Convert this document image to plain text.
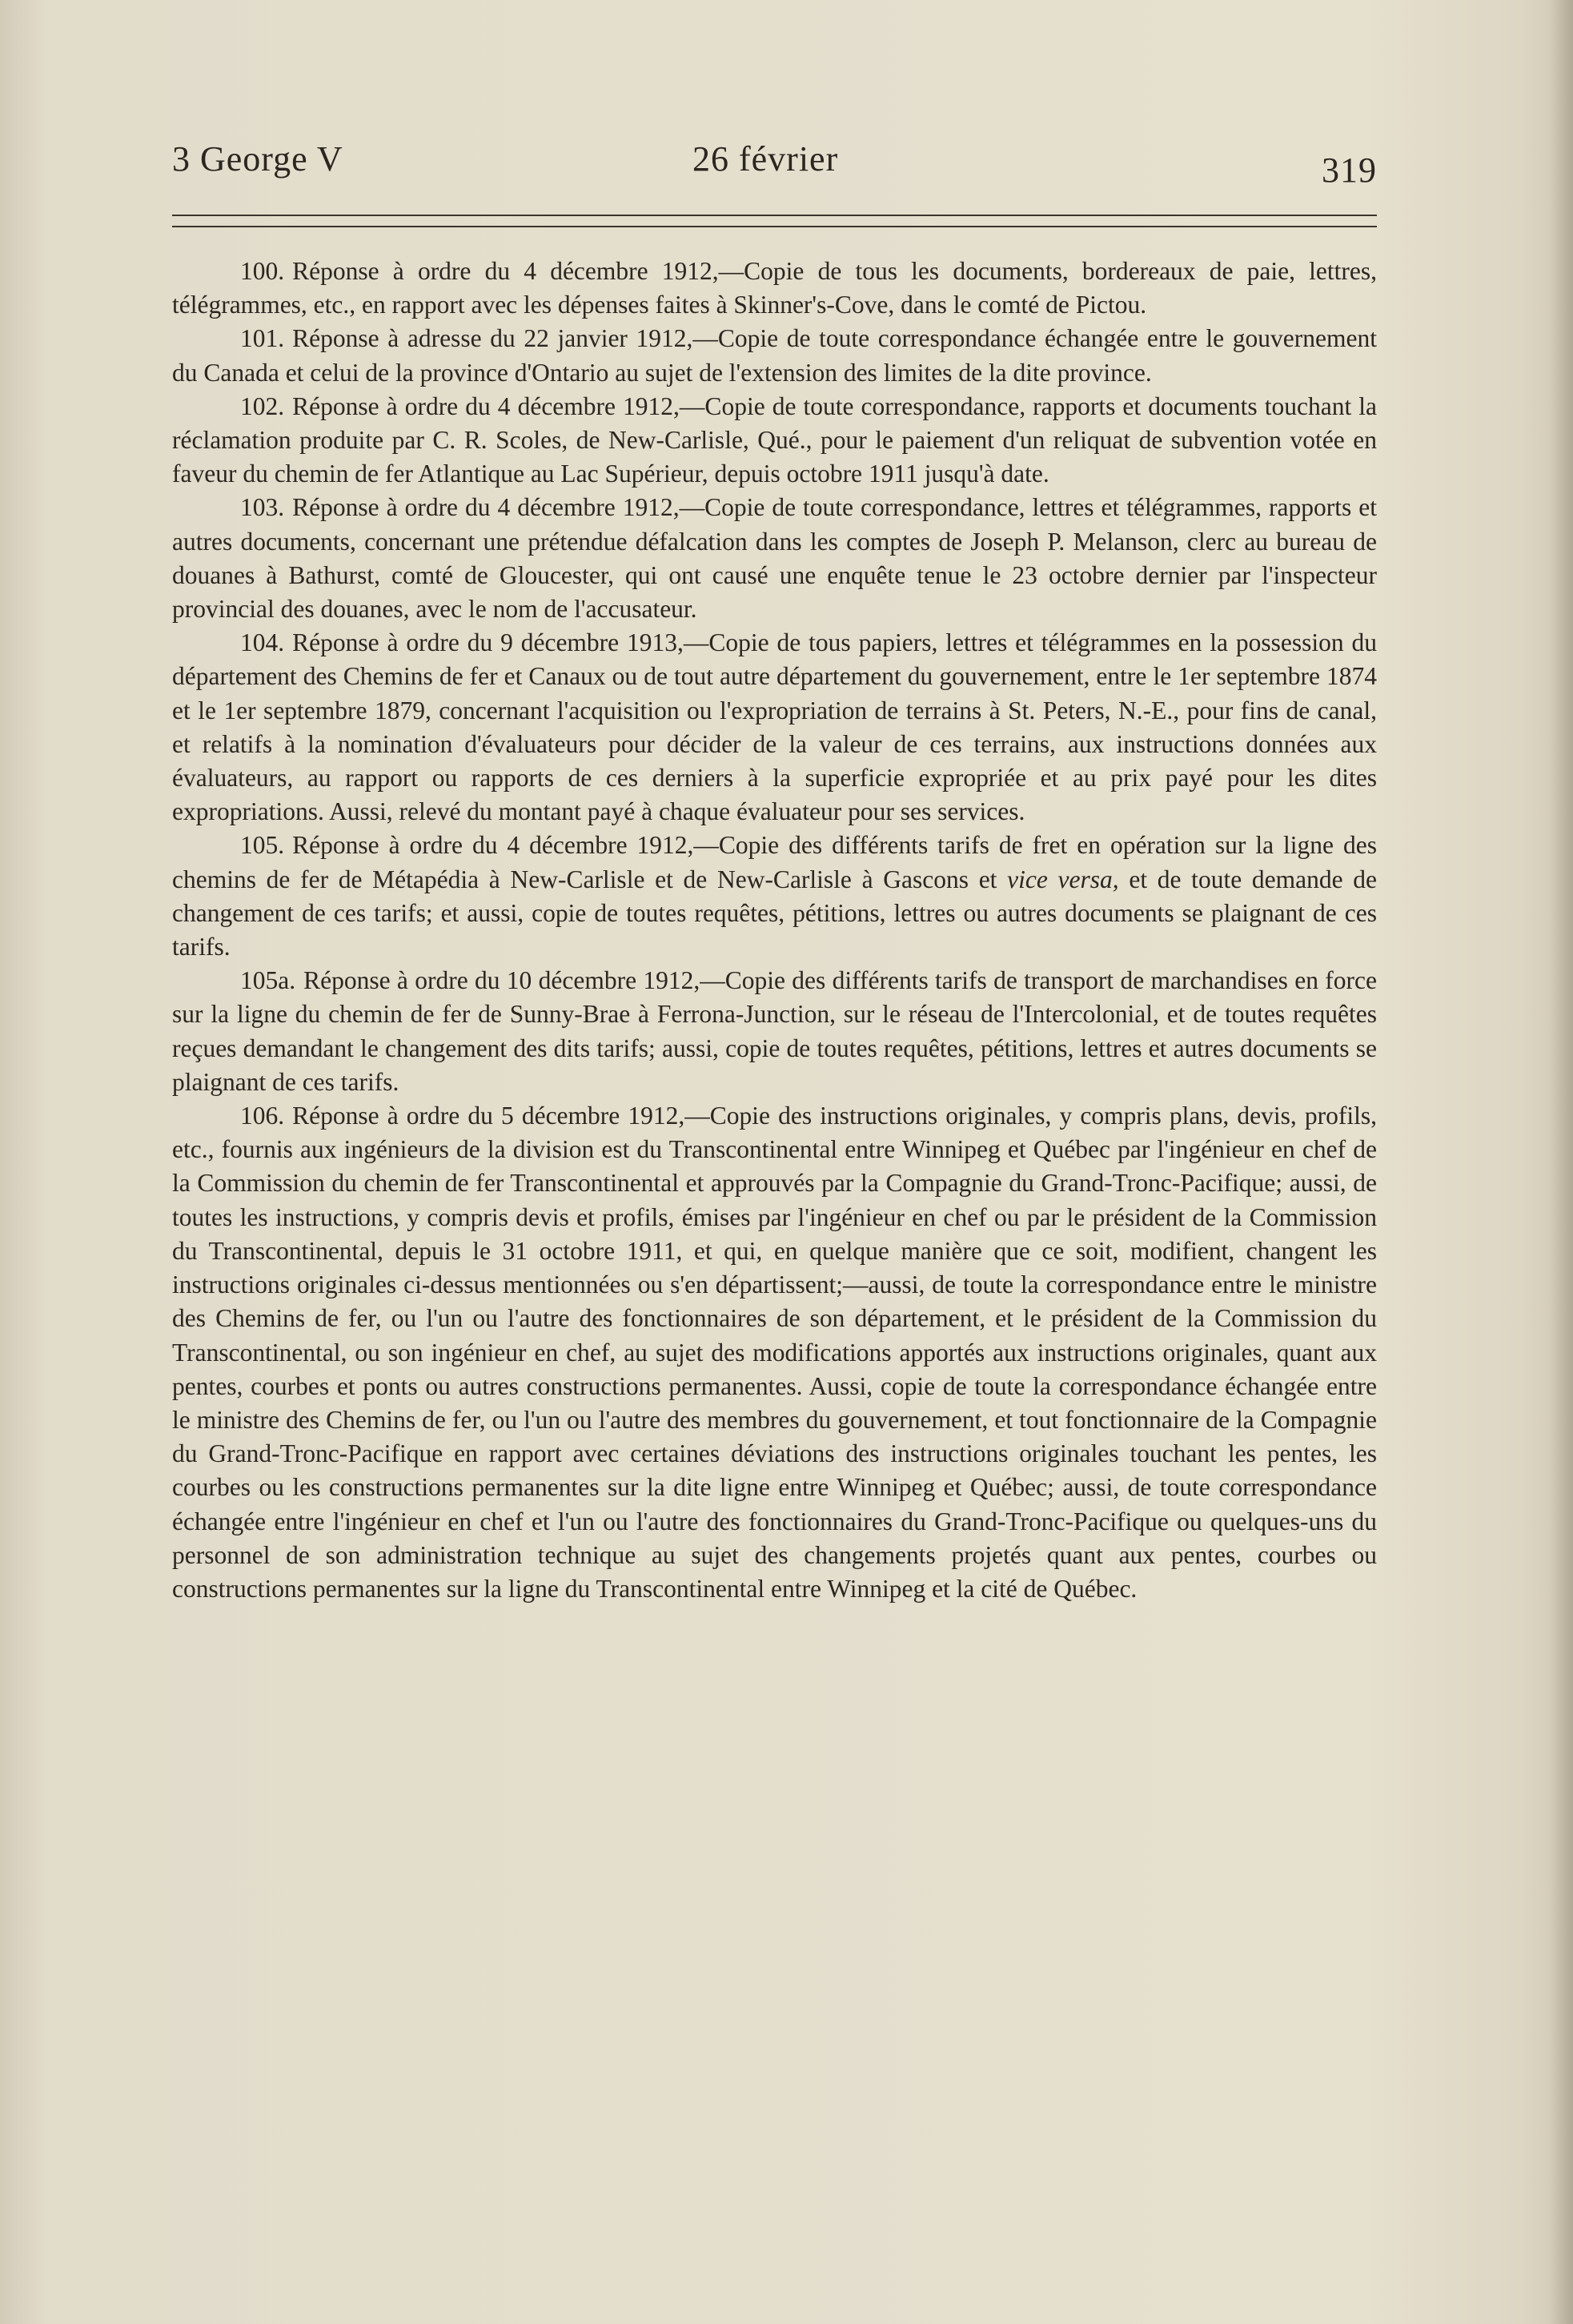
3 George V	26 février	319

100. Réponse à ordre du 4 décembre 1912,—Copie de tous les documents, bordereaux de paie, lettres, télégrammes, etc., en rapport avec les dépenses faites à Skinner's-Cove, dans le comté de Pictou.

101. Réponse à adresse du 22 janvier 1912,—Copie de toute correspondance échangée entre le gouvernement du Canada et celui de la province d'Ontario au sujet de l'extension des limites de la dite province.

102. Réponse à ordre du 4 décembre 1912,—Copie de toute correspondance, rapports et documents touchant la réclamation produite par C. R. Scoles, de New-Carlisle, Qué., pour le paiement d'un reliquat de subvention votée en faveur du chemin de fer Atlantique au Lac Supérieur, depuis octobre 1911 jusqu'à date.

103. Réponse à ordre du 4 décembre 1912,—Copie de toute correspondance, lettres et télégrammes, rapports et autres documents, concernant une prétendue défalcation dans les comptes de Joseph P. Melanson, clerc au bureau de douanes à Bathurst, comté de Gloucester, qui ont causé une enquête tenue le 23 octobre dernier par l'inspecteur provincial des douanes, avec le nom de l'accusateur.

104. Réponse à ordre du 9 décembre 1913,—Copie de tous papiers, lettres et télégrammes en la possession du département des Chemins de fer et Canaux ou de tout autre département du gouvernement, entre le 1er septembre 1874 et le 1er septembre 1879, concernant l'acquisition ou l'expropriation de terrains à St. Peters, N.-E., pour fins de canal, et relatifs à la nomination d'évaluateurs pour décider de la valeur de ces terrains, aux instructions données aux évaluateurs, au rapport ou rapports de ces derniers à la superficie expropriée et au prix payé pour les dites expropriations. Aussi, relevé du montant payé à chaque évaluateur pour ses services.

105. Réponse à ordre du 4 décembre 1912,—Copie des différents tarifs de fret en opération sur la ligne des chemins de fer de Métapédia à New-Carlisle et de New-Carlisle à Gascons et vice versa, et de toute demande de changement de ces tarifs; et aussi, copie de toutes requêtes, pétitions, lettres ou autres documents se plaignant de ces tarifs.

105a. Réponse à ordre du 10 décembre 1912,—Copie des différents tarifs de transport de marchandises en force sur la ligne du chemin de fer de Sunny-Brae à Ferrona-Junction, sur le réseau de l'Intercolonial, et de toutes requêtes reçues demandant le changement des dits tarifs; aussi, copie de toutes requêtes, pétitions, lettres et autres documents se plaignant de ces tarifs.

106. Réponse à ordre du 5 décembre 1912,—Copie des instructions originales, y compris plans, devis, profils, etc., fournis aux ingénieurs de la division est du Transcontinental entre Winnipeg et Québec par l'ingénieur en chef de la Commission du chemin de fer Transcontinental et approuvés par la Compagnie du Grand-Tronc-Pacifique; aussi, de toutes les instructions, y compris devis et profils, émises par l'ingénieur en chef ou par le président de la Commission du Transcontinental, depuis le 31 octobre 1911, et qui, en quelque manière que ce soit, modifient, changent les instructions originales ci-dessus mentionnées ou s'en départissent;—aussi, de toute la correspondance entre le ministre des Chemins de fer, ou l'un ou l'autre des fonctionnaires de son département, et le président de la Commission du Transcontinental, ou son ingénieur en chef, au sujet des modifications apportés aux instructions originales, quant aux pentes, courbes et ponts ou autres constructions permanentes. Aussi, copie de toute la correspondance échangée entre le ministre des Chemins de fer, ou l'un ou l'autre des membres du gouvernement, et tout fonctionnaire de la Compagnie du Grand-Tronc-Pacifique en rapport avec certaines déviations des instructions originales touchant les pentes, les courbes ou les constructions permanentes sur la dite ligne entre Winnipeg et Québec; aussi, de toute correspondance échangée entre l'ingénieur en chef et l'un ou l'autre des fonctionnaires du Grand-Tronc-Pacifique ou quelques-uns du personnel de son administration technique au sujet des changements projetés quant aux pentes, courbes ou constructions permanentes sur la ligne du Transcontinental entre Winnipeg et la cité de Québec.
